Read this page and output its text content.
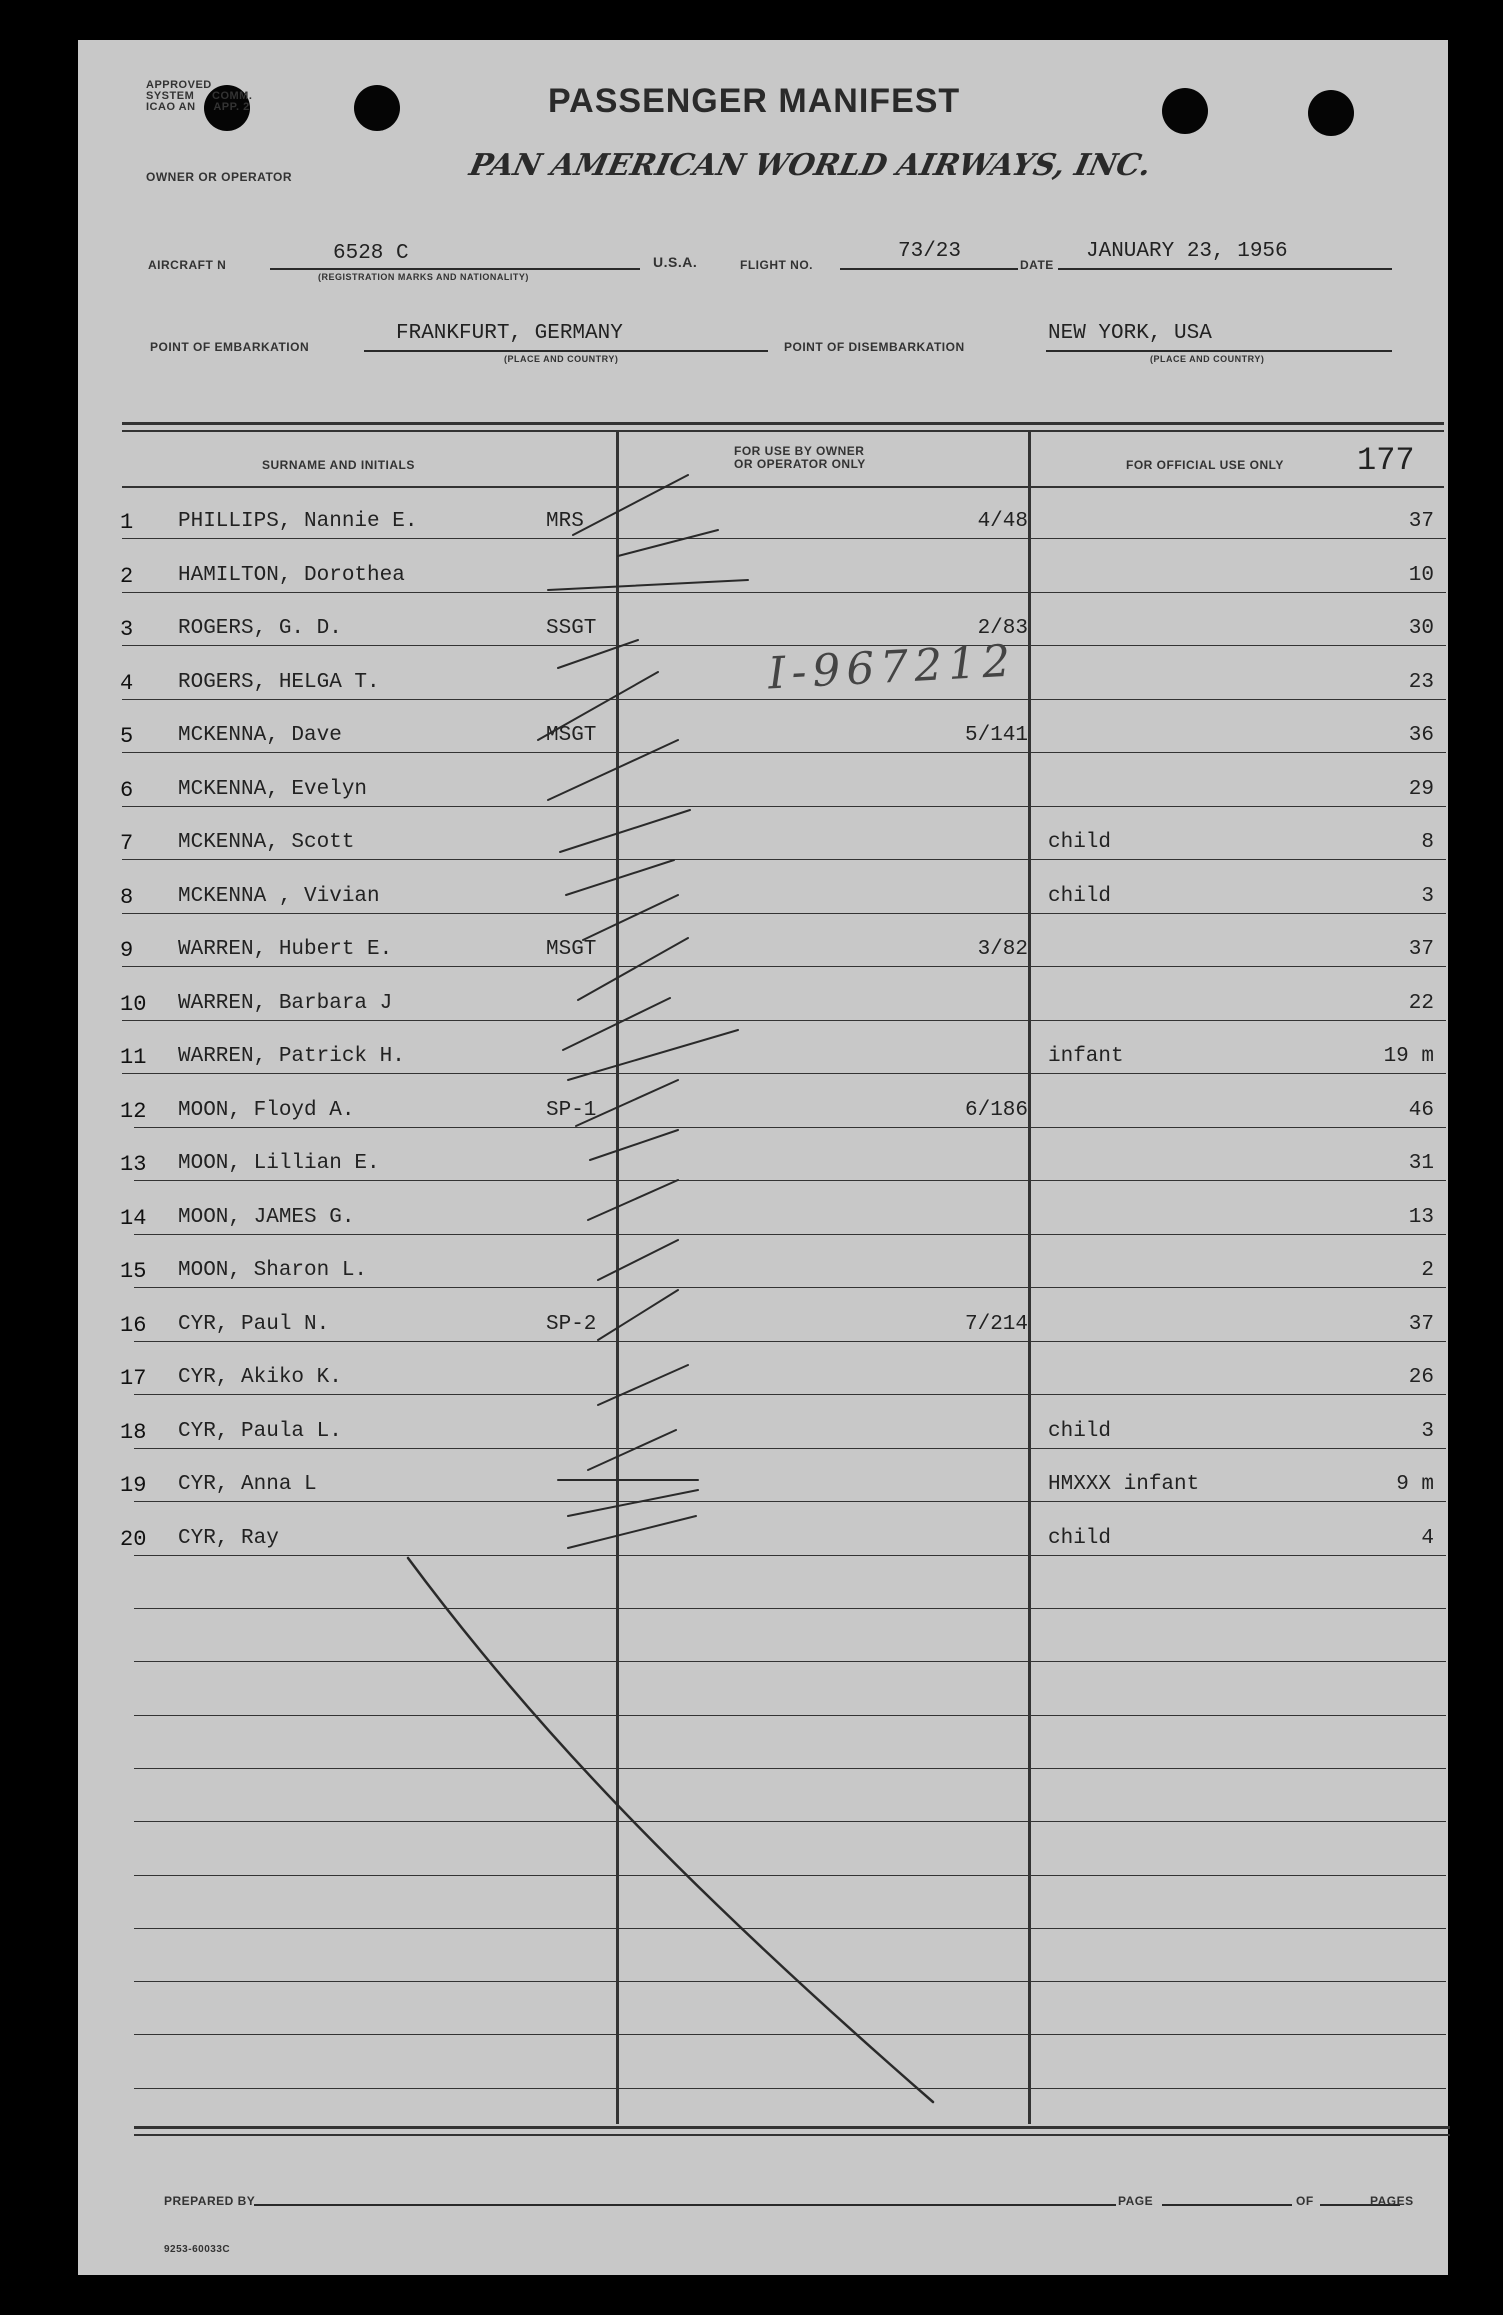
APPROVED
SYSTEM COMM.
ICAO AN APP. 2	PASSENGER MANIFEST
OWNER OR OPERATOR	PAN AMERICAN WORLD AIRWAYS, INC.
AIRCRAFT N	6528 C
(REGISTRATION MARKS AND NATIONALITY)
U.S.A.	FLIGHT NO.
73/23
DATE
JANUARY 23, 1956
POINT OF EMBARKATION
FRANKFURT, GERMANY
(PLACE AND COUNTRY)
POINT OF DISEMBARKATION
NEW YORK, USA
(PLACE AND COUNTRY)
SURNAME AND INITIALS
FOR USE BY OWNER
OR OPERATOR ONLY	FOR OFFICIAL USE ONLY 177
1 PHILLIPS, Nannie E.	MRS	4/48	37
2 HAMILTON, Dorothea	10
3 ROGERS, G. D.	SSGT	2/83	30
4 ROGERS, HELGA T.	23
5 MCKENNA, Dave	MSGT	5/141	36
6 MCKENNA, Evelyn	29
7 MCKENNA, Scott	child	8
8 MCKENNA , Vivian	child	3
9 WARREN, Hubert E.	MSGT	3/82	37
10 WARREN, Barbara J	22
11 WARREN, Patrick H.	infant	19 m
12 MOON, Floyd A.	SP-1	6/186	46
13 MOON, Lillian E.	31
14 MOON, JAMES G.	13
15 MOON, Sharon L.	2
16 CYR, Paul N.	SP-2	7/214	37
17 CYR, Akiko K.	26
18 CYR, Paula L.	child	3
19 CYR, Anna L	HMXXX infant	9 m
20 CYR, Ray	child	4
I-967212
PREPARED BY	PAGE	OF	PAGES
9253-60033C
